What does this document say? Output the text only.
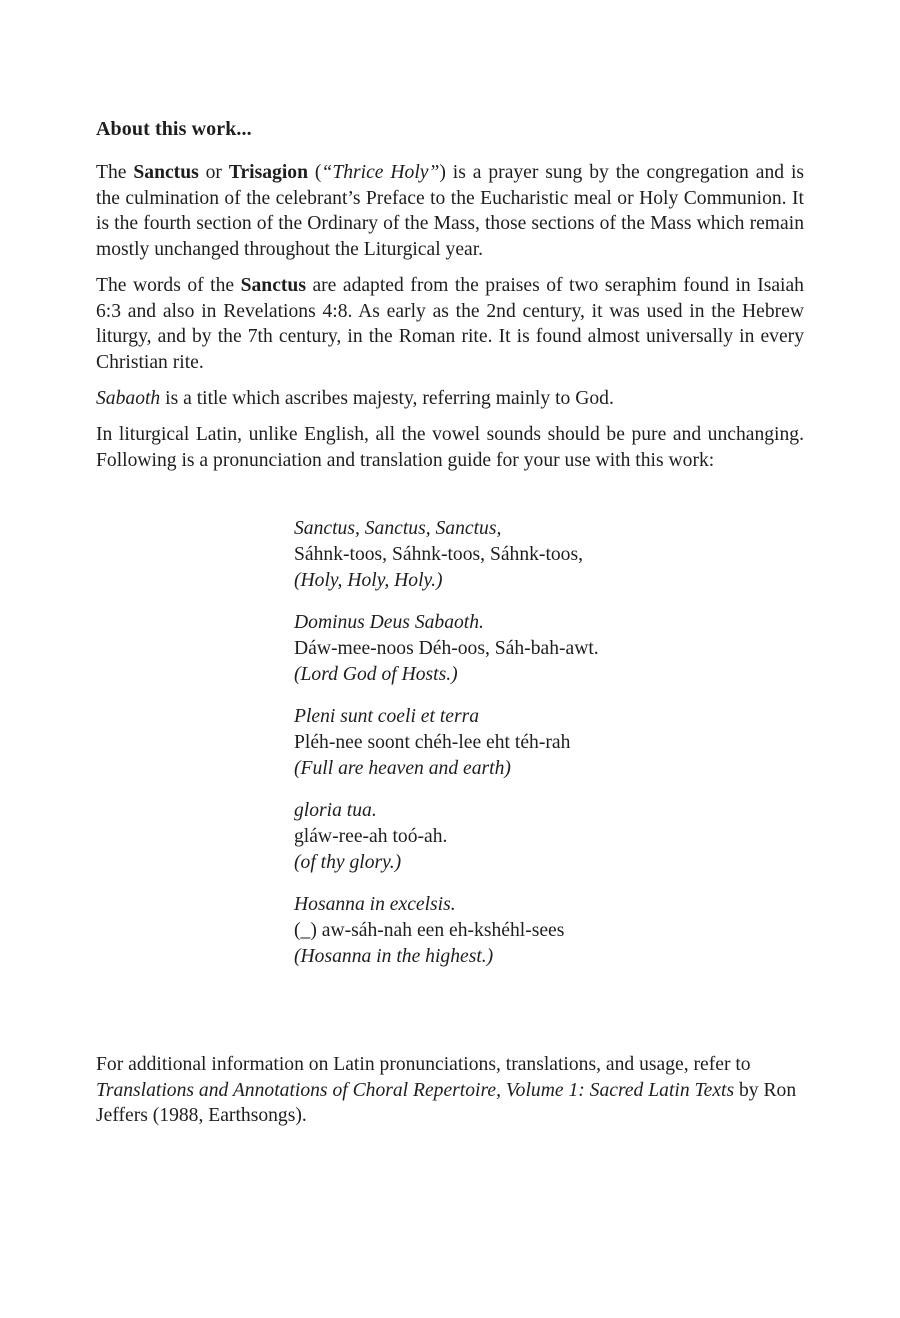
About this work...

The Sanctus or Trisagion (“Thrice Holy”) is a prayer sung by the congregation and is the culmination of the celebrant’s Preface to the Eucharistic meal or Holy Communion. It is the fourth section of the Ordinary of the Mass, those sections of the Mass which remain mostly unchanged throughout the Liturgical year.

The words of the Sanctus are adapted from the praises of two seraphim found in Isaiah 6:3 and also in Revelations 4:8. As early as the 2nd century, it was used in the Hebrew liturgy, and by the 7th century, in the Roman rite. It is found almost universally in every Christian rite.

Sabaoth is a title which ascribes majesty, referring mainly to God.

In liturgical Latin, unlike English, all the vowel sounds should be pure and unchanging. Following is a pronunciation and translation guide for your use with this work:

Sanctus, Sanctus, Sanctus,
Sáhnk-toos, Sáhnk-toos, Sáhnk-toos,
(Holy, Holy, Holy.)
Dominus Deus Sabaoth.
Dáw-mee-noos Déh-oos, Sáh-bah-awt.
(Lord God of Hosts.)
Pleni sunt coeli et terra
Pléh-nee soont chéh-lee eht téh-rah
(Full are heaven and earth)
gloria tua.
gláw-ree-ah toó-ah.
(of thy glory.)
Hosanna in excelsis.
(_) aw-sáh-nah een eh-kshéhl-sees
(Hosanna in the highest.)

For additional information on Latin pronunciations, translations, and usage, refer to Translations and Annotations of Choral Repertoire, Volume 1: Sacred Latin Texts by Ron Jeffers (1988, Earthsongs).
